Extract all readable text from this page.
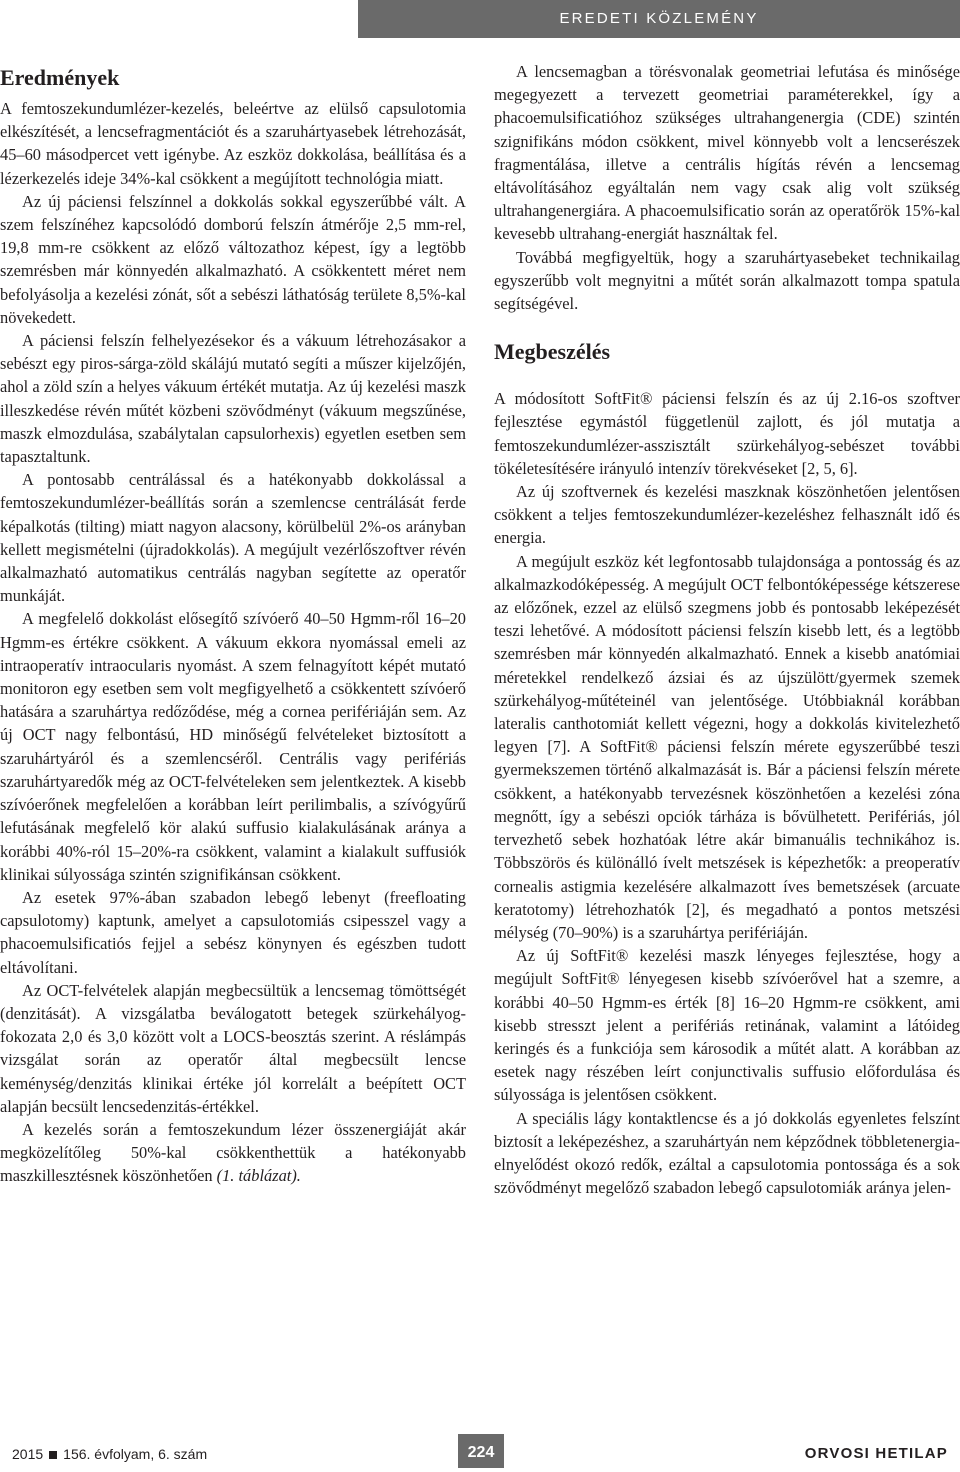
EREDETI KÖZLEMÉNY
Eredmények

A femtoszekundumlézer-kezelés, beleértve az elülső capsulotomia elkészítését, a lencsefragmentációt és a szaruhártyasebek létrehozását, 45–60 másodpercet vett igénybe. Az eszköz dokkolása, beállítása és a lézerkezelés ideje 34%-kal csökkent a megújított technológia miatt.

Az új páciensi felszínnel a dokkolás sokkal egyszerűbbé vált. A szem felszínéhez kapcsolódó domború felszín átmérője 2,5 mm-rel, 19,8 mm-re csökkent az előző változathoz képest, így a legtöbb szemrésben már könnyedén alkalmazható. A csökkentett méret nem befolyásolja a kezelési zónát, sőt a sebészi láthatóság területe 8,5%-kal növekedett.

A páciensi felszín felhelyezésekor és a vákuum létrehozásakor a sebészt egy piros-sárga-zöld skálájú mutató segíti a műszer kijelzőjén, ahol a zöld szín a helyes vákuum értékét mutatja. Az új kezelési maszk illeszkedése révén műtét közbeni szövődményt (vákuum megszűnése, maszk elmozdulása, szabálytalan capsulorhexis) egyetlen esetben sem tapasztaltunk.

A pontosabb centrálással és a hatékonyabb dokkolással a femtoszekundumlézer-beállítás során a szemlencse centrálását ferde képalkotás (tilting) miatt nagyon alacsony, körülbelül 2%-os arányban kellett megismételni (újradokkolás). A megújult vezérlőszoftver révén alkalmazható automatikus centrálás nagyban segítette az operatőr munkáját.

A megfelelő dokkolást elősegítő szívóerő 40–50 Hgmm-ről 16–20 Hgmm-es értékre csökkent. A vákuum ekkora nyomással emeli az intraoperatív intraocularis nyomást. A szem felnagyított képét mutató monitoron egy esetben sem volt megfigyelhető a csökkentett szívóerő hatására a szaruhártya redőződése, még a cornea perifériáján sem. Az új OCT nagy felbontású, HD minőségű felvételeket biztosított a szaruhártyáról és a szemlencséről. Centrális vagy perifériás szaruhártyaredők még az OCT-felvételeken sem jelentkeztek. A kisebb szívóerőnek megfelelően a korábban leírt perilimbalis, a szívógyűrű lefutásának megfelelő kör alakú suffusio kialakulásának aránya a korábbi 40%-ról 15–20%-ra csökkent, valamint a kialakult suffusiók klinikai súlyossága szintén szignifikánsan csökkent.

Az esetek 97%-ában szabadon lebegő lebenyt (freefloating capsulotomy) kaptunk, amelyet a capsulotomiás csipesszel vagy a phacoemulsificatiós fejjel a sebész könynyen és egészben tudott eltávolítani.

Az OCT-felvételek alapján megbecsültük a lencsemag tömöttségét (denzitását). A vizsgálatba beválogatott betegek szürkehályog-fokozata 2,0 és 3,0 között volt a LOCS-beosztás szerint. A réslámpás vizsgálat során az operatőr által megbecsült lencse keménység/denzitás klinikai értéke jól korrelált a beépített OCT alapján becsült lencsedenzitás-értékkel.

A kezelés során a femtoszekundum lézer összenergiáját akár megközelítőleg 50%-kal csökkenthettük a hatékonyabb maszkillesztésnek köszönhetően (1. táblázat).

A lencsemagban a törésvonalak geometriai lefutása és minősége megegyezett a tervezett geometriai paraméterekkel, így a phacoemulsificatióhoz szükséges ultrahangenergia (CDE) szintén szignifikáns módon csökkent, mivel könnyebb volt a lencserészek fragmentálása, illetve a centrális hígítás révén a lencsemag eltávolításához egyáltalán nem vagy csak alig volt szükség ultrahangenergiára. A phacoemulsificatio során az operatőrök 15%-kal kevesebb ultrahang-energiát használtak fel.

Továbbá megfigyeltük, hogy a szaruhártyasebeket technikailag egyszerűbb volt megnyitni a műtét során alkalmazott tompa spatula segítségével.

Megbeszélés

A módosított SoftFit® páciensi felszín és az új 2.16-os szoftver fejlesztése egymástól függetlenül zajlott, és jól mutatja a femtoszekundumlézer-asszisztált szürkehályog-sebészet további tökéletesítésére irányuló intenzív törekvéseket [2, 5, 6].

Az új szoftvernek és kezelési maszknak köszönhetően jelentősen csökkent a teljes femtoszekundumlézer-kezeléshez felhasznált idő és energia.

A megújult eszköz két legfontosabb tulajdonsága a pontosság és az alkalmazkodóképesség. A megújult OCT felbontóképessége kétszerese az előzőnek, ezzel az elülső szegmens jobb és pontosabb leképezését teszi lehetővé. A módosított páciensi felszín kisebb lett, és a legtöbb szemrésben már könnyedén alkalmazható. Ennek a kisebb anatómiai méretekkel rendelkező ázsiai és az újszülött/gyermek szemek szürkehályog-műtéteinél van jelentősége. Utóbbiaknál korábban lateralis canthotomiát kellett végezni, hogy a dokkolás kivitelezhető legyen [7]. A SoftFit® páciensi felszín mérete egyszerűbbé teszi gyermekszemen történő alkalmazását is. Bár a páciensi felszín mérete csökkent, a hatékonyabb tervezésnek köszönhetően a kezelési zóna megnőtt, így a sebészi opciók tárháza is bővülhetett. Perifériás, jól tervezhető sebek hozhatóak létre akár bimanuális technikához is. Többszörös és különálló ívelt metszések is képezhetők: a preoperatív cornealis astigmia kezelésére alkalmazott íves bemetszések (arcuate keratotomy) létrehozhatók [2], és megadható a pontos metszési mélység (70–90%) is a szaruhártya perifériáján.

Az új SoftFit® kezelési maszk lényeges fejlesztése, hogy a megújult SoftFit® lényegesen kisebb szívóerővel hat a szemre, a korábbi 40–50 Hgmm-es érték [8] 16–20 Hgmm-re csökkent, ami kisebb stresszt jelent a perifériás retinának, valamint a látóideg keringés és a funkciója sem károsodik a műtét alatt. A korábban az esetek nagy részében leírt conjunctivalis suffusio előfordulása és súlyossága is jelentősen csökkent.

A speciális lágy kontaktlencse és a jó dokkolás egyenletes felszínt biztosít a leképezéshez, a szaruhártyán nem képződnek többletenergia-elnyelődést okozó redők, ezáltal a capsulotomia pontossága és a sok szövődményt megelőző szabadon lebegő capsulotomiák aránya jelen-

2015 156. évfolyam, 6. szám	224	ORVOSI HETILAP
